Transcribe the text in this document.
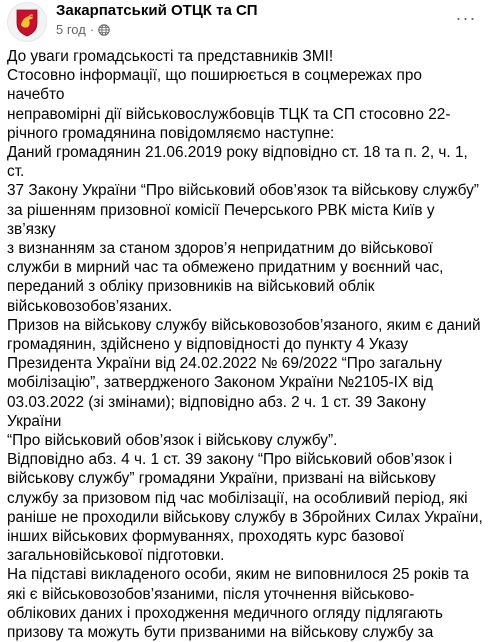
Закарпатський ОТЦК та СП
5 год ·
···

До уваги громадськості та представників ЗМІ!
Стосовно інформації, що поширюється в соцмережах про начебто
неправомірні дії військовослужбовців ТЦК та СП стосовно 22-
річного громадянина повідомляємо наступне:

Даний громадянин 21.06.2019 року відповідно ст. 18 та п. 2, ч. 1, ст.
37 Закону України “Про військовий обов’язок та військову службу”
за рішенням призовної комісії Печерського РВК міста Київ у зв’язку
з визнанням за станом здоров’я непридатним до військової
служби в мирний час та обмежено придатним у воєнний час,
переданий з обліку призовників на військовий облік
військовозобов’язаних.

Призов на військову службу військовозобов’язаного, яким є даний
громадянин, здійснено у відповідності до пункту 4 Указу
Президента України від 24.02.2022 № 69/2022 “Про загальну
мобілізацію”, затвердженого Законом України №2105-IX від
03.03.2022 (зі змінами); відповідно абз. 2 ч. 1 ст. 39 Закону України
“Про військовий обов’язок і військову службу”.

Відповідно абз. 4 ч. 1 ст. 39 закону “Про військовий обов’язок і
військову службу” громадяни України, призвані на військову
службу за призовом під час мобілізації, на особливий період, які
раніше не проходили військову службу в Збройних Силах України,
інших військових формуваннях, проходять курс базової
загальновійськової підготовки.

На підставі викладеного особи, яким не виповнилося 25 років та
які є військовозобов’язаними, після уточнення військово-
облікових даних і проходження медичного огляду підлягають
призову та можуть бути призваними на військову службу за
